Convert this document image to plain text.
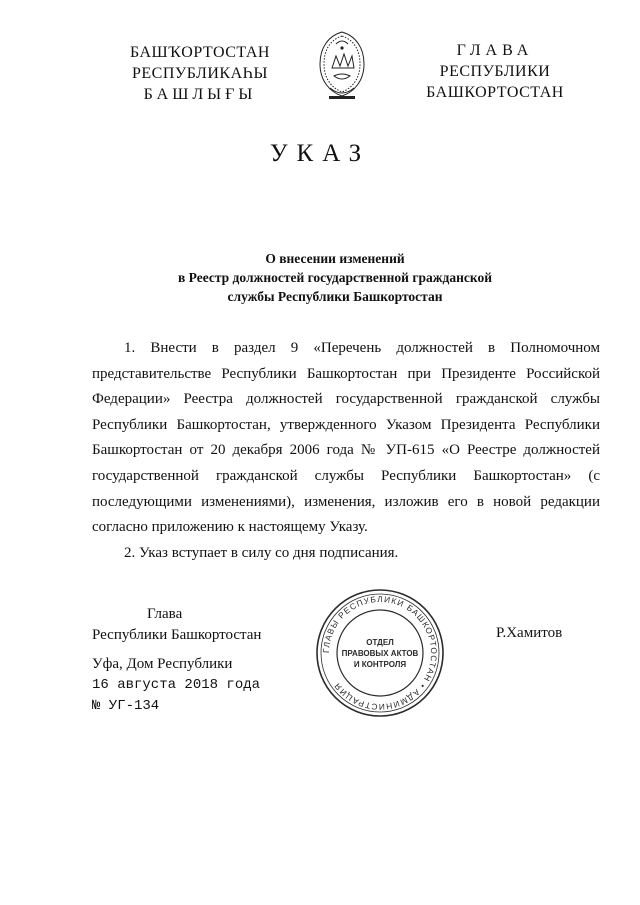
БАШҠОРТОСТАН
РЕСПУБЛИКАҺЫ
БАШЛЫҒЫ
ГЛАВА
РЕСПУБЛИКИ
БАШКОРТОСТАН
УКАЗ
О внесении изменений
в Реестр должностей государственной гражданской
службы Республики Башкортостан

1. Внести в раздел 9 «Перечень должностей в Полномочном представительстве Республики Башкортостан при Президенте Российской Федерации» Реестра должностей государственной гражданской службы Республики Башкортостан, утвержденного Указом Президента Республики Башкортостан от 20 декабря 2006 года № УП-615 «О Реестре должностей государственной гражданской службы Республики Башкортостан» (с последующими изменениями), изменения, изложив его в новой редакции согласно приложению к настоящему Указу.

2. Указ вступает в силу со дня подписания.

Глава
Республики Башкортостан
ГЛАВЫ РЕСПУБЛИКИ БАШКОРТОСТАН • АДМИНИСТРАЦИЯ
ОТДЕЛ
ПРАВОВЫХ АКТОВ
И КОНТРОЛЯ
Р.Хамитов
Уфа, Дом Республики
16 августа 2018 года
№ УГ-134
